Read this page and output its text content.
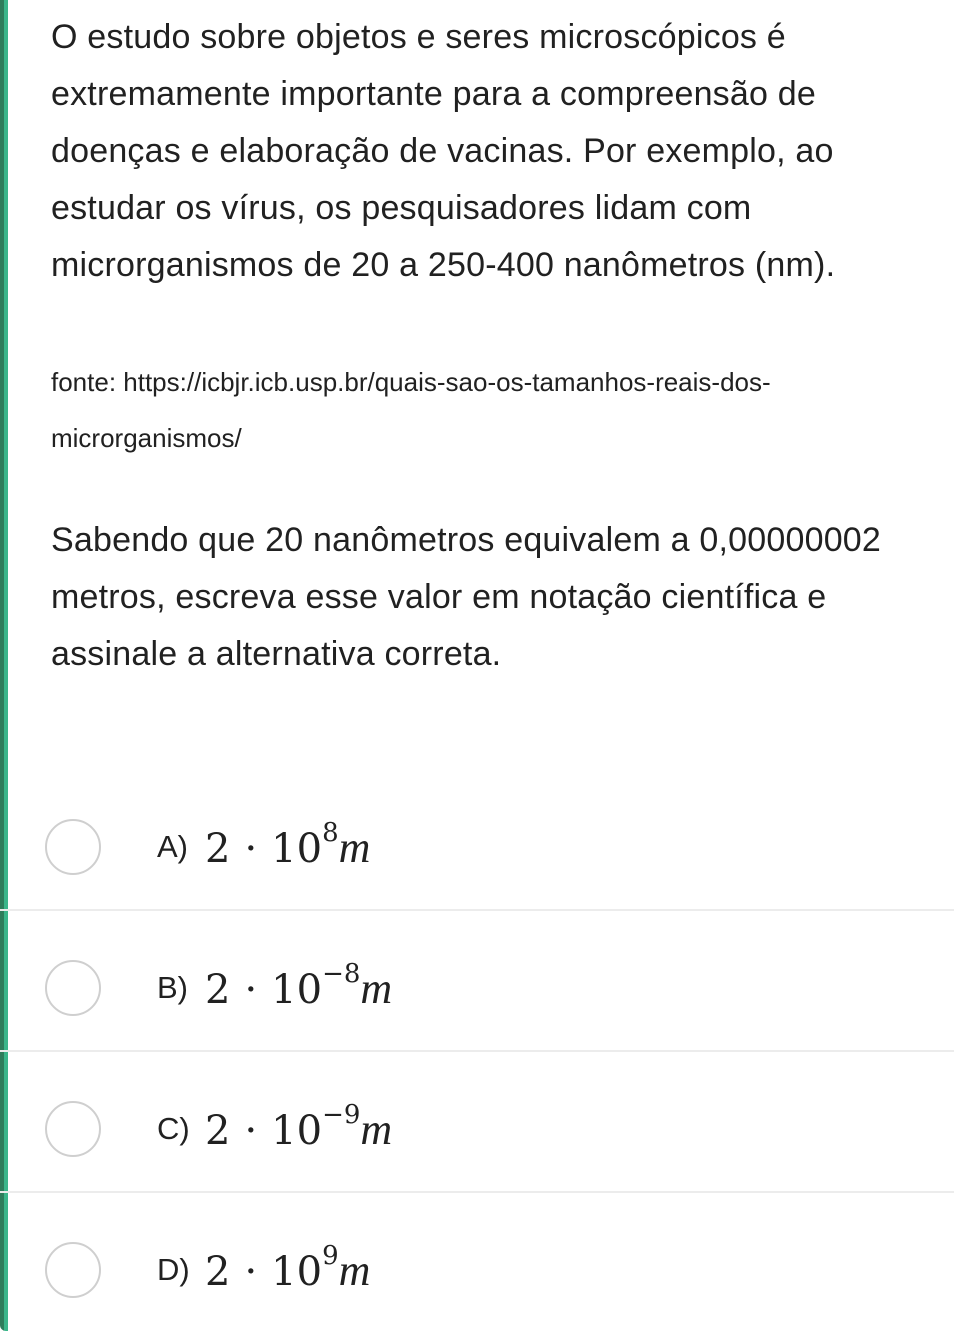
O estudo sobre objetos e seres microscópicos é extremamente importante para a compreensão de doenças e elaboração de vacinas. Por exemplo, ao estudar os vírus, os pesquisadores lidam com microrganismos de 20 a 250-400 nanômetros (nm).

fonte: https://icbjr.icb.usp.br/quais-sao-os-tamanhos-reais-dos-microrganismos/

Sabendo que 20 nanômetros equivalem a 0,00000002 metros, escreva esse valor em notação científica e assinale a alternativa correta.

A) $2 \cdot 10^8m$
B) $2 \cdot 10^{-8}m$
C) $2 \cdot 10^{-9}m$
D) $2 \cdot 10^9m$
